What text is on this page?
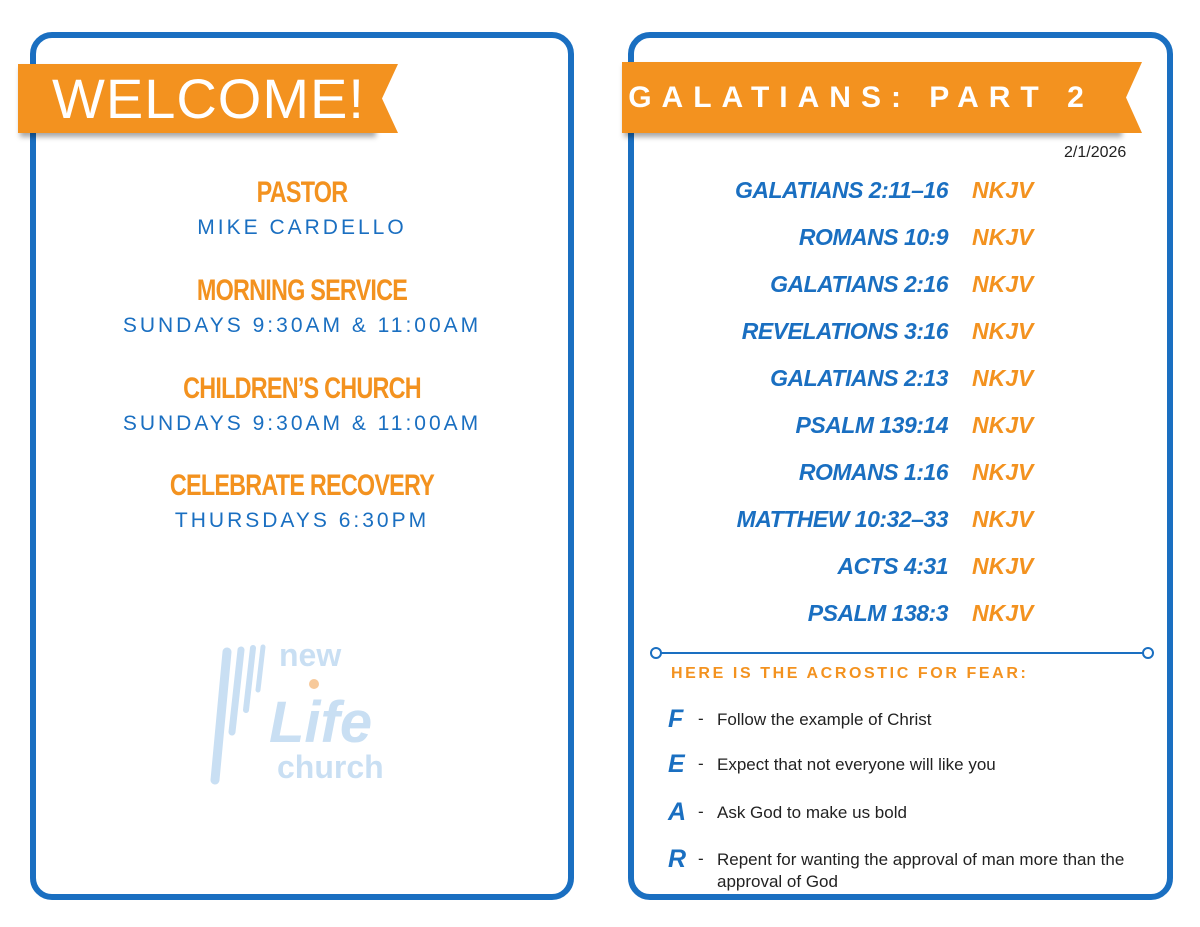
WELCOME!
PASTOR
MIKE CARDELLO
MORNING SERVICE
SUNDAYS 9:30AM & 11:00AM
CHILDREN’S CHURCH
SUNDAYS 9:30AM & 11:00AM
CELEBRATE RECOVERY
THURSDAYS 6:30PM
new
Life
church
GALATIANS: PART 2
2/1/2026
GALATIANS 2:11–16 NKJV
ROMANS 10:9 NKJV
GALATIANS 2:16 NKJV
REVELATIONS 3:16 NKJV
GALATIANS 2:13 NKJV
PSALM 139:14 NKJV
ROMANS 1:16 NKJV
MATTHEW 10:32–33 NKJV
ACTS 4:31 NKJV
PSALM 138:3 NKJV
HERE IS THE ACROSTIC FOR FEAR:
F - Follow the example of Christ
E - Expect that not everyone will like you
A - Ask God to make us bold
R - Repent for wanting the approval of man more than the approval of God
